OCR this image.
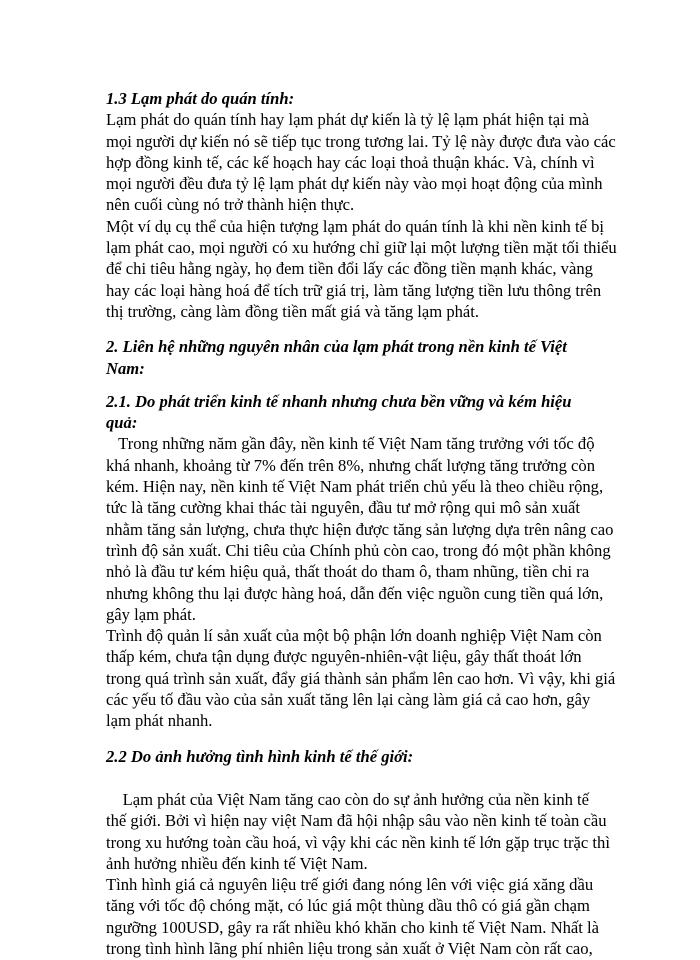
1.3 Lạm phát do quán tính:

Lạm phát do quán tính hay lạm phát dự kiến là tỷ lệ lạm phát hiện tại mà
mọi người dự kiến nó sẽ tiếp tục trong tương lai. Tỷ lệ này được đưa vào các
hợp đồng kinh tế, các kế hoạch hay các loại thoả thuận khác. Và, chính vì
mọi người đều đưa tỷ lệ lạm phát dự kiến này vào mọi hoạt động của mình
nên cuối cùng nó trở thành hiện thực.
Một ví dụ cụ thể của hiện tượng lạm phát do quán tính là khi nền kinh tế bị
lạm phát cao, mọi người có xu hướng chỉ giữ lại một lượng tiền mặt tối thiểu
để chi tiêu hằng ngày, họ đem tiền đổi lấy các đồng tiền mạnh khác, vàng
hay các loại hàng hoá để tích trữ giá trị, làm tăng lượng tiền lưu thông trên
thị trường, càng làm đồng tiền mất giá và tăng lạm phát.

2. Liên hệ những nguyên nhân của lạm phát trong nền kinh tế Việt Nam:

2.1. Do phát triển kinh tế nhanh nhưng chưa bền vững và kém hiệu quả:

Trong những năm gần đây, nền kinh tế Việt Nam tăng trưởng với tốc độ
khá nhanh, khoảng từ 7% đến trên 8%, nhưng chất lượng tăng trưởng còn
kém. Hiện nay, nền kinh tế Việt Nam phát triển chủ yếu là theo chiều rộng,
tức là tăng cường khai thác tài nguyên, đầu tư mở rộng qui mô sản xuất
nhằm tăng sản lượng, chưa thực hiện được tăng sản lượng dựa trên nâng cao
trình độ sản xuất. Chi tiêu của Chính phủ còn cao, trong đó một phần không
nhỏ là đầu tư kém hiệu quả, thất thoát do tham ô, tham nhũng, tiền chi ra
nhưng không thu lại được hàng hoá, dẫn đến việc nguồn cung tiền quá lớn,
gây lạm phát.
Trình độ quản lí sản xuất của một bộ phận lớn doanh nghiệp Việt Nam còn
thấp kém, chưa tận dụng được nguyên-nhiên-vật liệu, gây thất thoát lớn
trong quá trình sản xuất, đẩy giá thành sản phẩm lên cao hơn. Vì vậy, khi giá
các yếu tố đầu vào của sản xuất tăng lên lại càng làm giá cả cao hơn, gây
lạm phát nhanh.

2.2 Do ảnh hưởng tình hình kinh tế thế giới:

Lạm phát của Việt Nam tăng cao còn do sự ảnh hưởng của nền kinh tế
thế giới. Bởi vì hiện nay việt Nam đã hội nhập sâu vào nền kinh tế toàn cầu
trong xu hướng toàn cầu hoá, vì vậy khi các nền kinh tế lớn gặp trục trặc thì
ảnh hưởng nhiều đến kinh tế Việt Nam.
Tình hình giá cả nguyên liệu trế giới đang nóng lên với việc giá xăng dầu
tăng với tốc độ chóng mặt, có lúc giá một thùng dầu thô có giá gần chạm
ngưỡng 100USD, gây ra rất nhiều khó khăn cho kinh tế Việt Nam. Nhất là
trong tình hình lãng phí nhiên liệu trong sản xuất ở Việt Nam còn rất cao,
